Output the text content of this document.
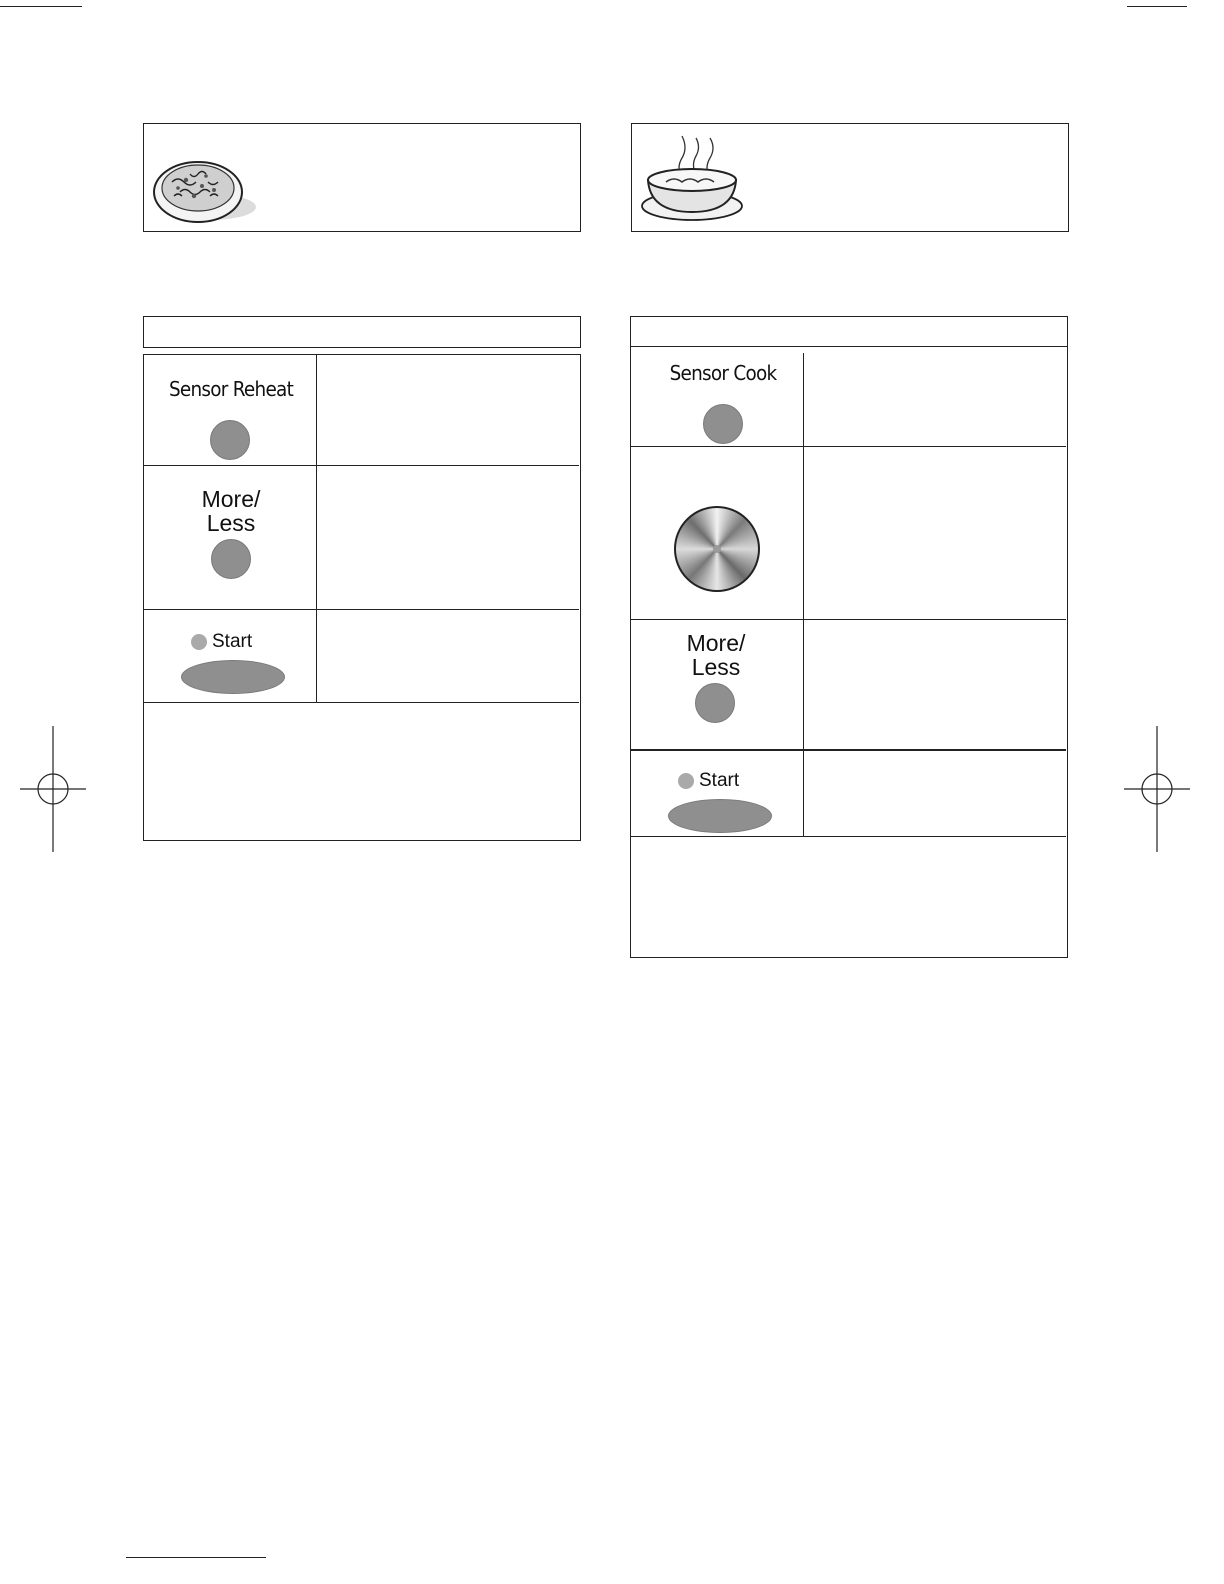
Sensor Reheat
More/
Less
Start
Sensor Cook
More/
Less
Start
